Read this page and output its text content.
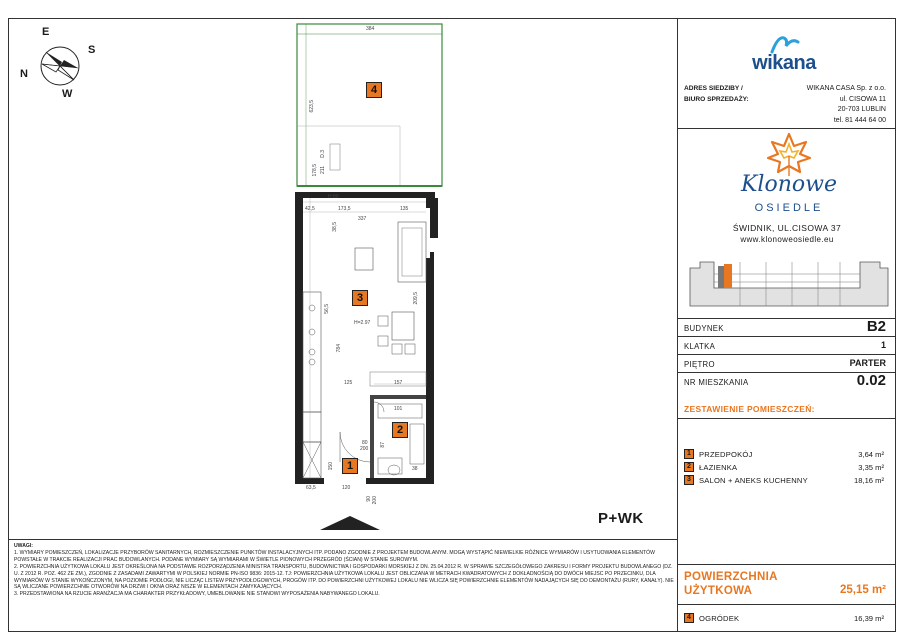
E
S
N
W	4
3
2
1
384
623,5
178,5
D.3
211
H:80
42,5	173,5
337
135
38,5
56,5
784
125	157
101
80
200
120
63,5
90 200
150
H=2.97
209,5
38
87
P+WK

UWAGI:

1. WYMIARY POMIESZCZEŃ, LOKALIZACJE PRZYBORÓW SANITARNYCH, ROZMIESZCZENIE PUNKTÓW INSTALACYJNYCH ITP. PODANO ZGODNIE Z PROJEKTEM BUDOWLANYM. MOGĄ WYSTĄPIĆ NIEWIELKIE RÓŻNICE WYMIARÓW I USYTUOWANIA ELEMENTÓW POWSTAŁE W TRAKCIE REALIZACJI PRAC BUDOWLANYCH. PODANE WYMIARY SĄ WYMIARAMI W ŚWIETLE PIONOWYCH PRZEGRÓD (ŚCIAN) W STANIE SUROWYM.

2. POWIERZCHNIA UŻYTKOWA LOKALU JEST OKREŚLONA NA PODSTAWIE ROZPORZĄDZENIA MINISTRA TRANSPORTU, BUDOWNICTWA I GOSPODARKI MORSKIEJ Z DN. 25.04.2012 R. W SPRAWIE SZCZEGÓŁOWEGO ZAKRESU I FORMY PROJEKTU BUDOWLANEGO (DZ. U. Z 2012 R. POZ. 462 ZE ZM.), ZGODNIE Z ZASADAMI ZAWARTYMI W POLSKIEJ NORMIE PN-ISO 9836: 2015-12. TJ: POWIERZCHNIA UŻYTKOWA LOKALU JEST OBLICZANA W METRACH KWADRATOWYCH Z DOKŁADNOŚCIĄ DO DWÓCH MIEJSC PO PRZECINKU, DLA WYMIARÓW W STANIE WYKOŃCZONYM, NA POZIOMIE PODŁOGI, NIE LICZĄC LISTEW PRZYPODŁOGOWYCH, PROGÓW ITP. DO POWIERZCHNI UŻYTKOWEJ LOKALU NIE WLICZA SIĘ POWIERZCHNIE ELEMENTÓW NADAJĄCYCH SIĘ DO DEMONTAŻU (RURY, KANAŁY). NIE SĄ WLICZANE POWIERZCHNIE OTWORÓW NA DRZWI I OKNA ORAZ NISZE W ELEMENTACH ZAMYKAJĄCYCH.

3. PRZEDSTAWIONA NA RZUCIE ARANŻACJA MA CHARAKTER PRZYKŁADOWY, UMEBLOWANIE NIE STANOWI WYPOSAŻENIA NABYWANEGO LOKALU.

wikana
ADRES SIEDZIBY /
BIURO SPRZEDAŻY:
WIKANA CASA Sp. z o.o.
ul. CISOWA 11
20-703 LUBLIN
tel. 81 444 64 00
Klonowe
OSIEDLE
ŚWIDNIK, UL.CISOWA 37
www.klonoweosiedle.eu
BUDYNEK	B2
KLATKA	1
PIĘTRO	PARTER
NR MIESZKANIA	0.02
ZESTAWIENIE POMIESZCZEŃ:
1	PRZEDPOKÓJ	3,64 m²
2	ŁAZIENKA	3,35 m²
3	SALON + ANEKS KUCHENNY	18,16 m²
POWIERZCHNIA
UŻYTKOWA	25,15 m²
4	OGRÓDEK	16,39 m²
